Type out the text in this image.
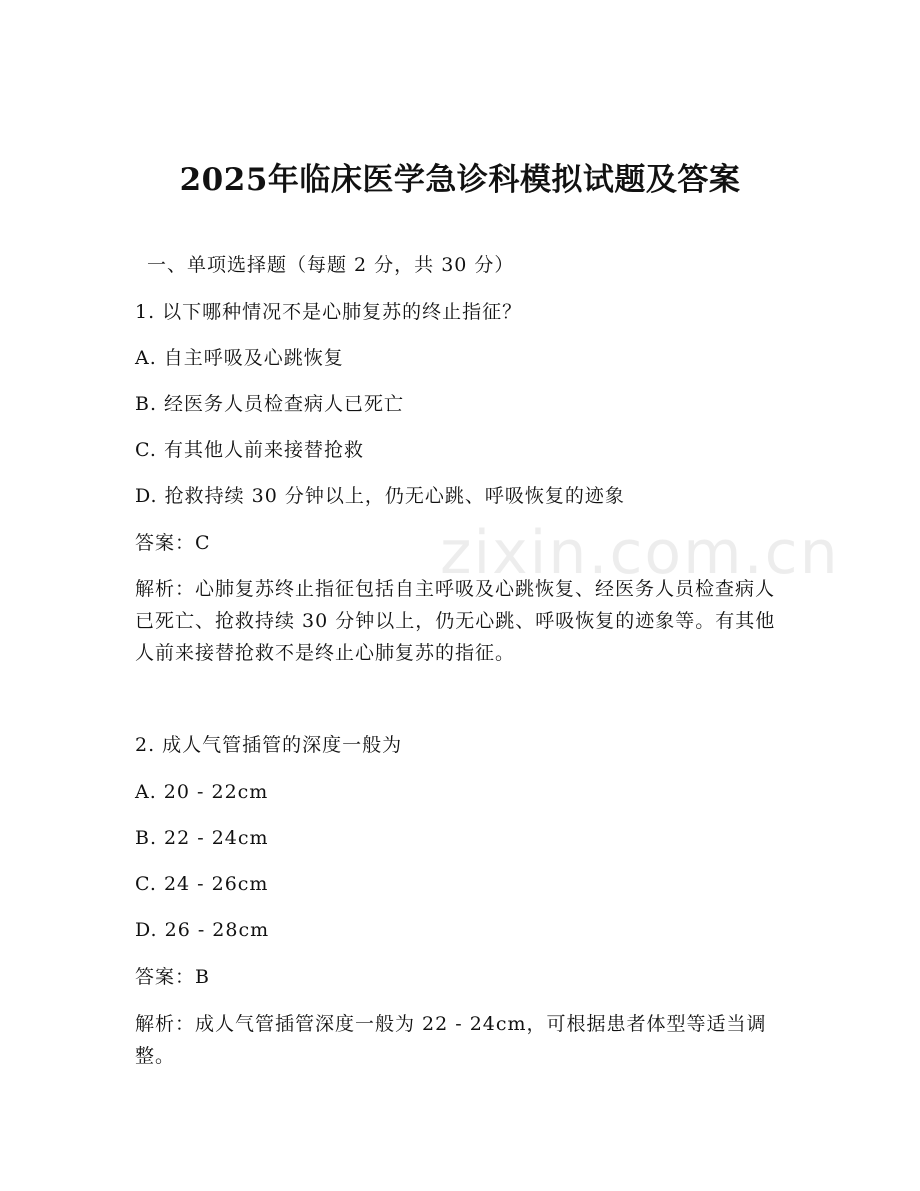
zixin.com.cn
2025年临床医学急诊科模拟试题及答案
一、单项选择题（每题 2 分，共 30 分）
1. 以下哪种情况不是心肺复苏的终止指征？
A. 自主呼吸及心跳恢复
B. 经医务人员检查病人已死亡
C. 有其他人前来接替抢救
D. 抢救持续 30 分钟以上，仍无心跳、呼吸恢复的迹象
答案：C
解析：心肺复苏终止指征包括自主呼吸及心跳恢复、经医务人员检查病人已死亡、抢救持续 30 分钟以上，仍无心跳、呼吸恢复的迹象等。有其他人前来接替抢救不是终止心肺复苏的指征。
2. 成人气管插管的深度一般为
A. 20 - 22cm
B. 22 - 24cm
C. 24 - 26cm
D. 26 - 28cm
答案：B
解析：成人气管插管深度一般为 22 - 24cm，可根据患者体型等适当调整。
